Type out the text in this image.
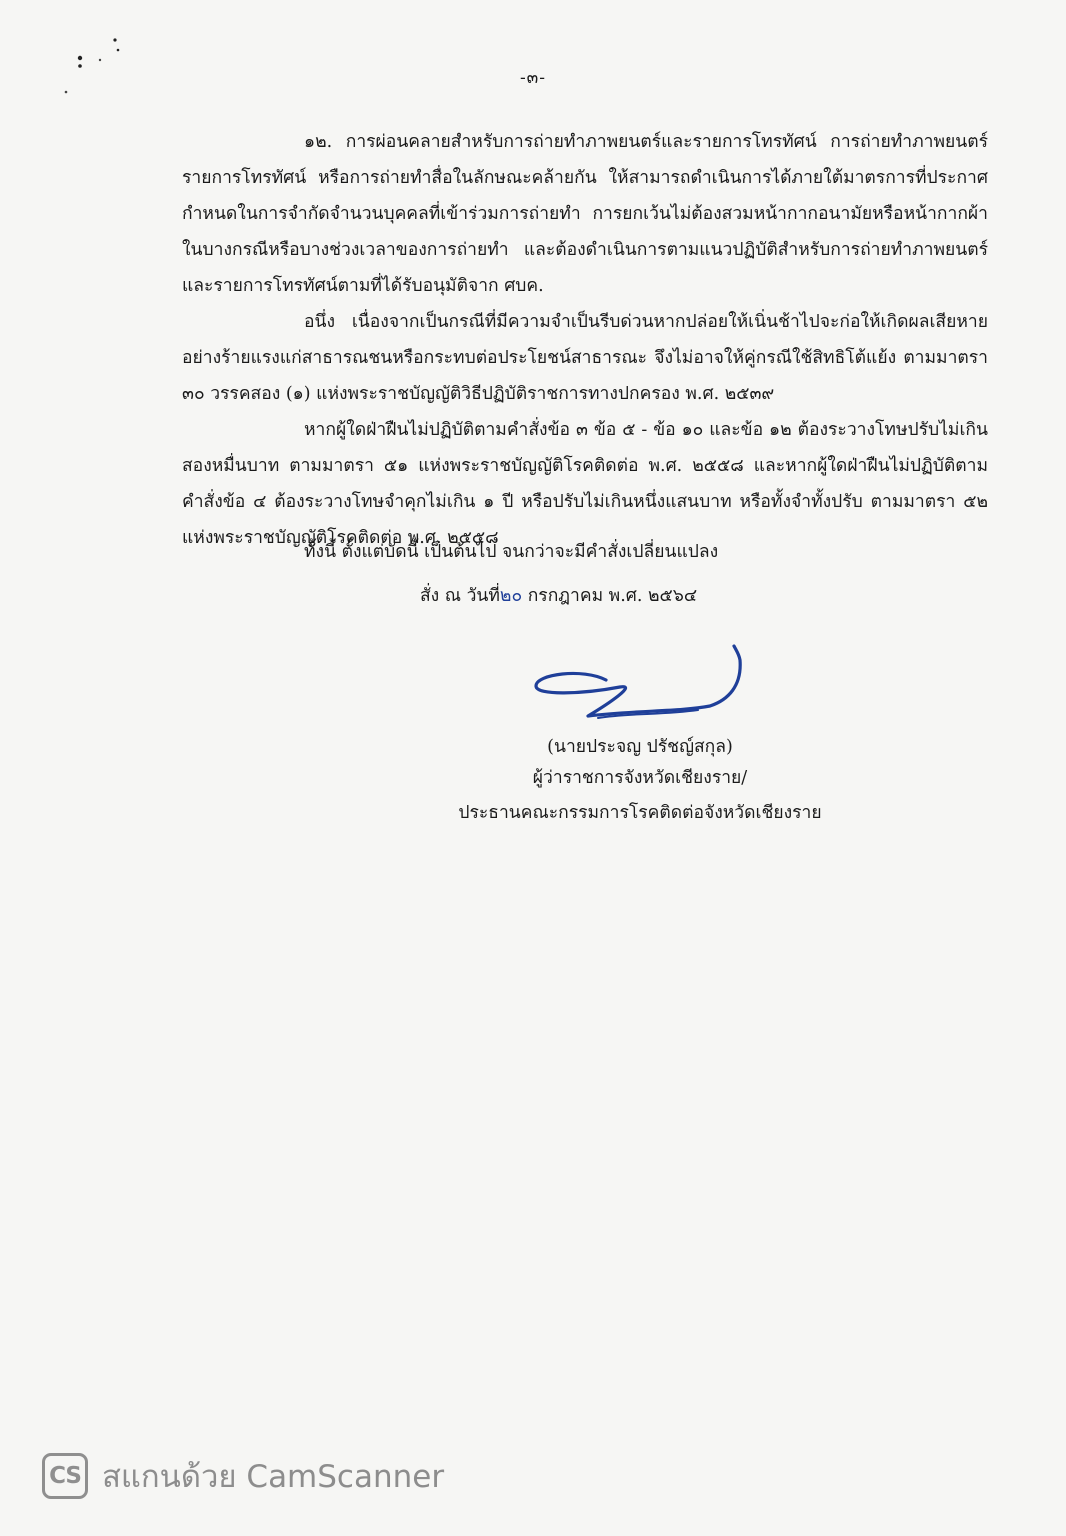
-๓-

๑๒. การผ่อนคลายสำหรับการถ่ายทำภาพยนตร์และรายการโทรทัศน์ การถ่ายทำภาพยนตร์ รายการโทรทัศน์ หรือการถ่ายทำสื่อในลักษณะคล้ายกัน ให้สามารถดำเนินการได้ภายใต้มาตรการที่ประกาศ กำหนดในการจำกัดจำนวนบุคคลที่เข้าร่วมการถ่ายทำ การยกเว้นไม่ต้องสวมหน้ากากอนามัยหรือหน้ากากผ้า ในบางกรณีหรือบางช่วงเวลาของการถ่ายทำ และต้องดำเนินการตามแนวปฏิบัติสำหรับการถ่ายทำภาพยนตร์ และรายการโทรทัศน์ตามที่ได้รับอนุมัติจาก ศบค.

อนึ่ง เนื่องจากเป็นกรณีที่มีความจำเป็นรีบด่วนหากปล่อยให้เนิ่นช้าไปจะก่อให้เกิดผลเสียหาย อย่างร้ายแรงแก่สาธารณชนหรือกระทบต่อประโยชน์สาธารณะ จึงไม่อาจให้คู่กรณีใช้สิทธิโต้แย้ง ตามมาตรา ๓๐ วรรคสอง (๑) แห่งพระราชบัญญัติวิธีปฏิบัติราชการทางปกครอง พ.ศ. ๒๕๓๙

หากผู้ใดฝ่าฝืนไม่ปฏิบัติตามคำสั่งข้อ ๓ ข้อ ๕ - ข้อ ๑๐ และข้อ ๑๒ ต้องระวางโทษปรับไม่เกิน สองหมื่นบาท ตามมาตรา ๕๑ แห่งพระราชบัญญัติโรคติดต่อ พ.ศ. ๒๕๕๘ และหากผู้ใดฝ่าฝืนไม่ปฏิบัติตาม คำสั่งข้อ ๔ ต้องระวางโทษจำคุกไม่เกิน ๑ ปี หรือปรับไม่เกินหนึ่งแสนบาท หรือทั้งจำทั้งปรับ ตามมาตรา ๕๒ แห่งพระราชบัญญัติโรคติดต่อ พ.ศ. ๒๕๕๘

ทั้งนี้ ตั้งแต่บัดนี้ เป็นต้นไป จนกว่าจะมีคำสั่งเปลี่ยนแปลง
สั่ง ณ วันที่๒๐ กรกฎาคม พ.ศ. ๒๕๖๔
(นายประจญ ปรัชญ์สกุล)
ผู้ว่าราชการจังหวัดเชียงราย/
ประธานคณะกรรมการโรคติดต่อจังหวัดเชียงราย
CS สแกนด้วย CamScanner
